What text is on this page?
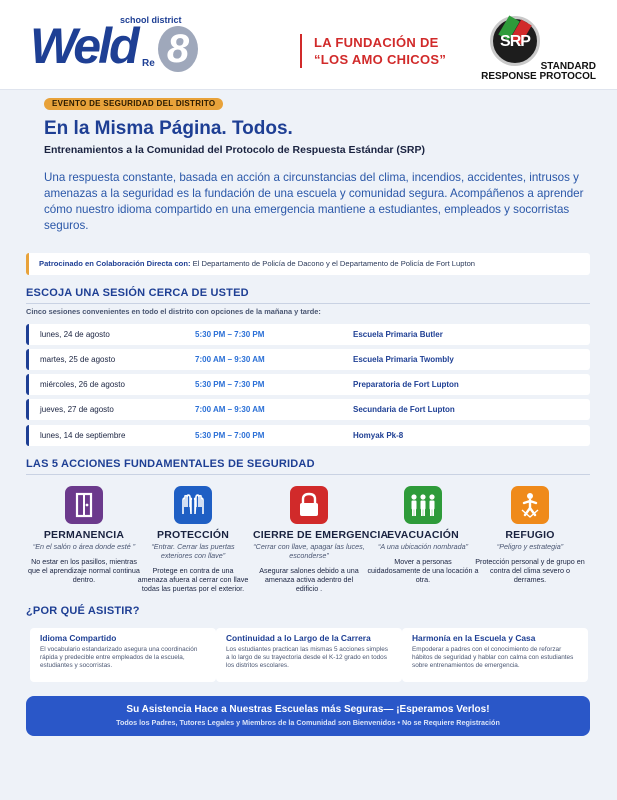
school district
Weld 8
Re
LA FUNDACIÓN DE
“LOS AMO CHICOS”
SRP
STANDARD
RESPONSE PROTOCOL
EVENTO DE SEGURIDAD DEL DISTRITO
En la Misma Página. Todos.
Entrenamientos a la Comunidad del Protocolo de Respuesta Estándar (SRP)
Una respuesta constante, basada en acción a circunstancias del clima, incendios, accidentes, intrusos y amenazas a la seguridad es la fundación de una escuela y comunidad segura. Acompáñenos a aprender cómo nuestro idioma compartido en una emergencia mantiene a estudiantes, empleados y socorristas seguros.
Patrocinado en Colaboración Directa con: El Departamento de Policía de Dacono y el Departamento de Policía de Fort Lupton
ESCOJA UNA SESIÓN CERCA DE USTED
Cinco sesiones convenientes en todo el distrito con opciones de la mañana y tarde:
lunes, 24 de agosto	5:30 PM – 7:30 PM	Escuela Primaria Butler
martes, 25 de agosto	7:00 AM – 9:30 AM	Escuela Primaria Twombly
miércoles, 26 de agosto	5:30 PM – 7:30 PM	Preparatoria de Fort Lupton
jueves, 27 de agosto	7:00 AM – 9:30 AM	Secundaria de Fort Lupton
lunes, 14 de septiembre	5:30 PM – 7:00 PM	Homyak Pk-8
LAS 5 ACCIONES FUNDAMENTALES DE SEGURIDAD
PERMANENCIA
“En el salón o área donde esté ”
No estar en los pasillos, mientras que el aprendizaje normal continua dentro.
PROTECCIÓN
“Entrar. Cerrar las puertas exteriores con llave”
Protege en contra de una amenaza afuera al cerrar con llave todas las puertas por el exterior.
CIERRE DE EMERGENCIA
“Cerrar con llave, apagar las luces, esconderse”
Asegurar salones debido a una amenaza activa adentro del edificio .
EVACUACIÓN
“A una ubicación nombrada”
Mover a personas cuidadosamente de una locación a otra.
REFUGIO
“Peligro y estrategia”
Protección personal y de grupo en contra del clima severo o derrames.
¿POR QUÉ ASISTIR?
Idioma Compartido

El vocabulario estandarizado asegura una coordinación rápida y predecible entre empleados de la escuela, estudiantes y socorristas.

Continuidad a lo Largo de la Carrera

Los estudiantes practican las mismas 5 acciones simples a lo largo de su trayectoria desde el K-12 grado en todos los distritos escolares.

Harmonía en la Escuela y Casa

Empoderar a padres con el conocimiento de reforzar hábitos de seguridad y hablar con calma con estudiantes sobre entrenamientos de emergencia.

Su Asistencia Hace a Nuestras Escuelas más Seguras— ¡Esperamos Verlos!
Todos los Padres, Tutores Legales y Miembros de la Comunidad son Bienvenidos • No se Requiere Registración
